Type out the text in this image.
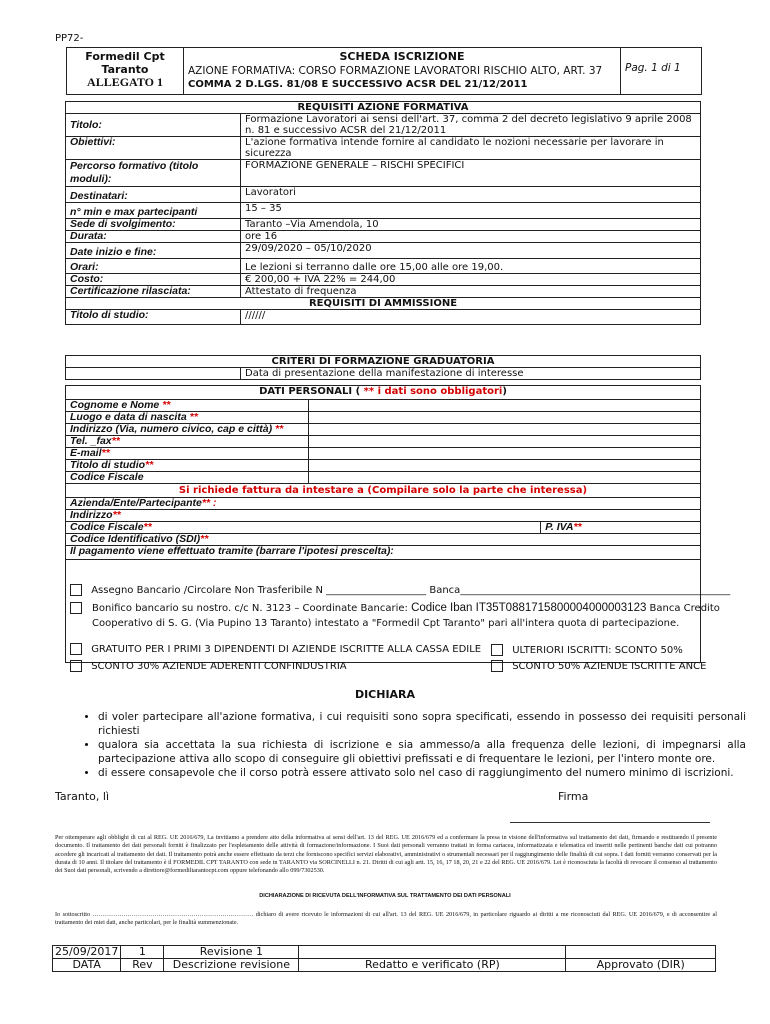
PP72-
Formedil Cpt
Taranto
ALLEGATO 1

SCHEDA ISCRIZIONE
AZIONE FORMATIVA: CORSO FORMAZIONE LAVORATORI RISCHIO ALTO, ART. 37
COMMA 2 D.LGS. 81/08 E SUCCESSIVO ACSR DEL 21/12/2011
	Pag. 1 di 1
REQUISITI AZIONE FORMATIVA	
Titolo:	Formazione Lavoratori ai sensi dell'art. 37, comma 2 del decreto legislativo 9 aprile 2008 n. 81 e successivo ACSR del 21/12/2011
Obiettivi:	L'azione formativa intende fornire al candidato le nozioni necessarie per lavorare in sicurezza
Percorso formativo (titolo moduli):	FORMAZIONE GENERALE – RISCHI SPECIFICI
Destinatari:	Lavoratori
n° min e max partecipanti	15 – 35
Sede di svolgimento:	Taranto –Via Amendola, 10
Durata:	ore 16
Date inizio e fine:	29/09/2020 – 05/10/2020
Orari:	Le lezioni si terranno dalle ore 15,00 alle ore 19,00.
Costo:	€ 200,00 + IVA 22% = 244,00
Certificazione rilasciata:	Attestato di frequenza
REQUISITI DI AMMISSIONE	
Titolo di studio:	//////
CRITERI DI FORMAZIONE GRADUATORIA
	Data di presentazione della manifestazione di interesse
DATI PERSONALI ( ** i dati sono obbligatori)		
Cognome e Nome **		
Luogo e data di nascita **		
Indirizzo (Via, numero civico, cap e città) **		
Tel. _fax**		
E-mail**		
Titolo di studio**		
Codice Fiscale		
Si richiede fattura da intestare a (Compilare solo la parte che interessa)		
Azienda/Ente/Partecipante** :		
Indirizzo**		
Codice Fiscale**		P. IVA**
Codice Identificativo (SDI)**		
Il pagamento viene effettuato tramite (barrare l'ipotesi prescelta):		

Assegno Bancario /Circolare Non Trasferibile N ____________________ Banca______________________________________________________
Bonifico bancario su nostro. c/c N. 3123 – Coordinate Bancarie: Codice Iban IT35T0881715800004000003123 Banca Credito
Cooperativo di S. G. (Via Pupino 13 Taranto) intestato a "Formedil Cpt Taranto" pari all'intera quota di partecipazione.
GRATUITO PER I PRIMI 3 DIPENDENTI DI AZIENDE ISCRITTE ALLA CASSA EDILE
SCONTO 30% AZIENDE ADERENTI CONFINDUSTRIA
ULTERIORI ISCRITTI: SCONTO 50%
SCONTO 50% AZIENDE ISCRITTE ANCE
DICHIARA
• di voler partecipare all'azione formativa, i cui requisiti sono sopra specificati, essendo in possesso dei requisiti personali richiesti
• qualora sia accettata la sua richiesta di iscrizione e sia ammesso/a alla frequenza delle lezioni, di impegnarsi alla partecipazione attiva allo scopo di conseguire gli obiettivi prefissati e di frequentare le lezioni, per l'intero monte ore.
• di essere consapevole che il corso potrà essere attivato solo nel caso di raggiungimento del numero minimo di iscrizioni.
Taranto, lì	Firma
Per ottemperare agli obblighi di cui al REG. UE 2016/679, La invitiamo a prendere atto della informativa ai sensi dell'art. 13 del REG. UE 2016/679 ed a confermare la presa in visione dell'informativa sul trattamento dei dati, firmando e restituendo il presente documento. Il trattamento dei dati personali forniti è finalizzato per l'espletamento delle attività di formazione/informazione. I Suoi dati personali verranno trattati in forma cartacea, informatizzata e telematica ed inseriti nelle pertinenti banche dati cui potranno accedere gli incaricati al trattamento dei dati. Il trattamento potrà anche essere effettuato da terzi che forniscono specifici servizi elaborativi, amministrativi o strumentali necessari per il raggiungimento delle finalità di cui sopra. I dati forniti verranno conservati per la durata di 10 anni. Il titolare del trattamento è il FORMEDIL CPT TARANTO con sede in TARANTO via SORCINELLI n. 21. Diritti di cui agli artt. 15, 16, 17 18, 20, 21 e 22 del REG. UE 2016/679. Lei è riconosciuta la facoltà di revocare il consenso al trattamento dei Suoi dati personali, scrivendo a direttore@formediltarantocpt.com oppure telefonando allo 099/7302530.
DICHIARAZIONE DI RICEVUTA DELL'INFORMATIVA SUL TRATTAMENTO DEI DATI PERSONALI
Io sottoscritto …………………………………………………………………… dichiaro di avere ricevuto le informazioni di cui all'art. 13 del REG. UE 2016/679, in particolare riguardo ai diritti a me riconosciuti dal REG. UE 2016/679, e di acconsentire al trattamento dei miei dati, anche particolari, per le finalità summenzionate.
25/09/2017	1	Revisione 1		
DATA	Rev	Descrizione revisione	Redatto e verificato (RP)	Approvato (DIR)
